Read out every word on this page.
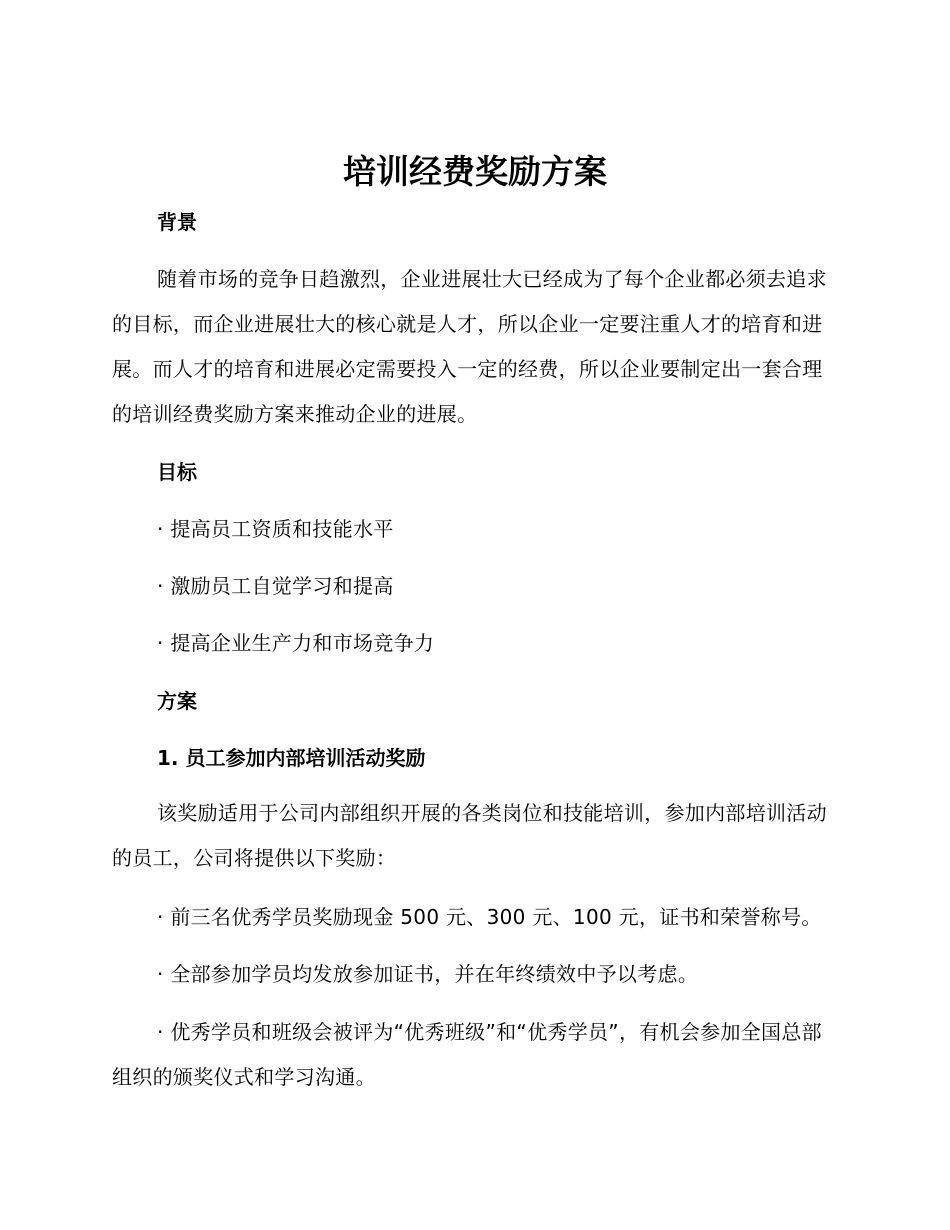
培训经费奖励方案
背景
随着市场的竞争日趋激烈，企业进展壮大已经成为了每个企业都必须去追求的目标，而企业进展壮大的核心就是人才，所以企业一定要注重人才的培育和进展。而人才的培育和进展必定需要投入一定的经费，所以企业要制定出一套合理的培训经费奖励方案来推动企业的进展。
目标
· 提高员工资质和技能水平
· 激励员工自觉学习和提高
· 提高企业生产力和市场竞争力
方案
1. 员工参加内部培训活动奖励
该奖励适用于公司内部组织开展的各类岗位和技能培训，参加内部培训活动的员工，公司将提供以下奖励：
· 前三名优秀学员奖励现金 500 元、300 元、100 元，证书和荣誉称号。
· 全部参加学员均发放参加证书，并在年终绩效中予以考虑。
· 优秀学员和班级会被评为“优秀班级”和“优秀学员”，有机会参加全国总部组织的颁奖仪式和学习沟通。
